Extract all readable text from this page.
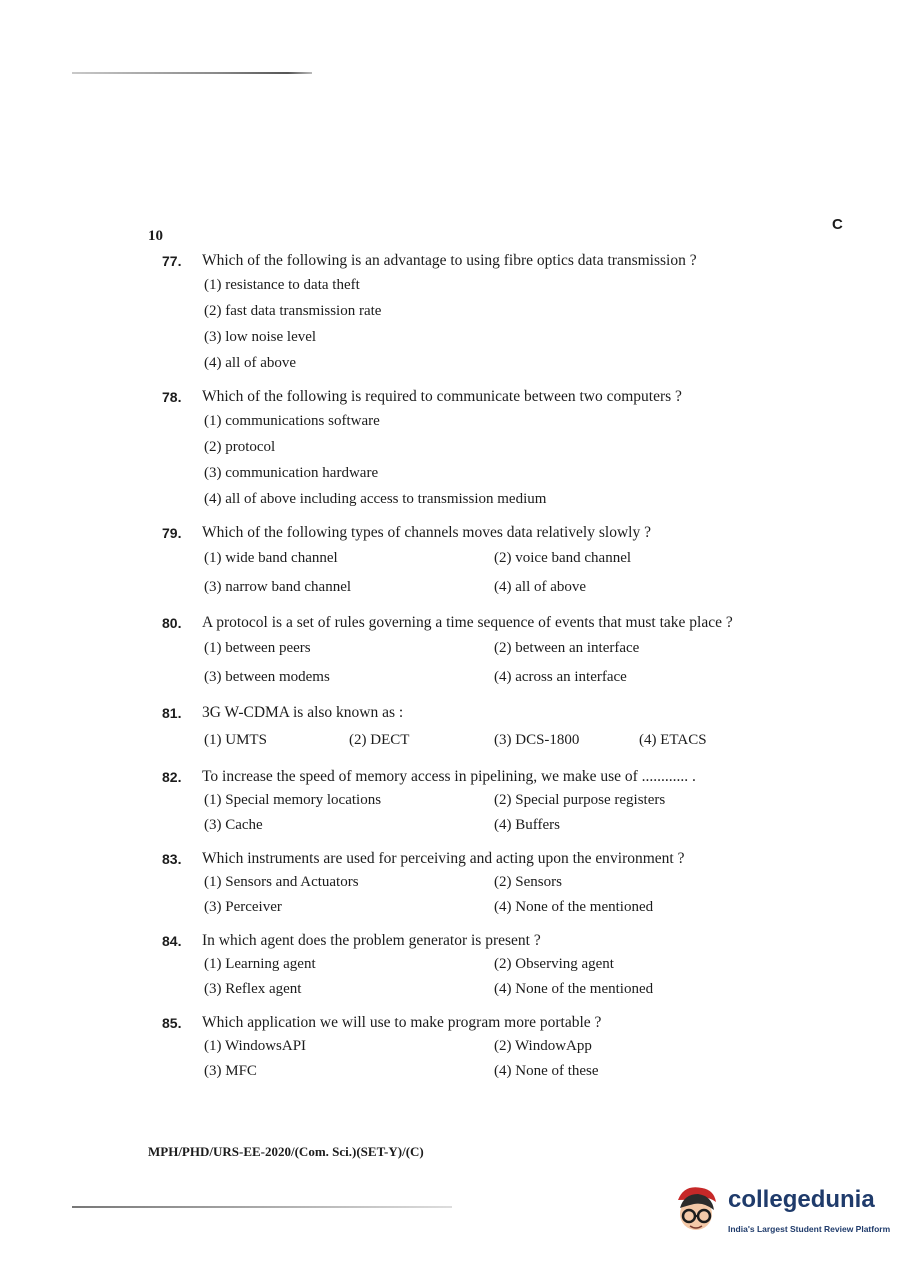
10
C
77.	Which of the following is an advantage to using fibre optics data transmission ?
(1) resistance to data theft
(2) fast data transmission rate
(3) low noise level
(4) all of above
78.	Which of the following is required to communicate between two computers ?
(1) communications software
(2) protocol
(3) communication hardware
(4) all of above including access to transmission medium
79.	Which of the following types of channels moves data relatively slowly ?
(1) wide band channel	(2) voice band channel
(3) narrow band channel	(4) all of above
80.	A protocol is a set of rules governing a time sequence of events that must take place ?
(1) between peers	(2) between an interface
(3) between modems	(4) across an interface
81.	3G W-CDMA is also known as :
(1) UMTS	(2) DECT	(3) DCS-1800	(4) ETACS
82.	To increase the speed of memory access in pipelining, we make use of ............ .
(1) Special memory locations	(2) Special purpose registers
(3) Cache	(4) Buffers
83.	Which instruments are used for perceiving and acting upon the environment ?
(1) Sensors and Actuators	(2) Sensors
(3) Perceiver	(4) None of the mentioned
84.	In which agent does the problem generator is present ?
(1) Learning agent	(2) Observing agent
(3) Reflex agent	(4) None of the mentioned
85.	Which application we will use to make program more portable ?
(1) WindowsAPI	(2) WindowApp
(3) MFC	(4) None of these
MPH/PHD/URS-EE-2020/(Com. Sci.)(SET-Y)/(C)
collegedunia
India's Largest Student Review Platform
